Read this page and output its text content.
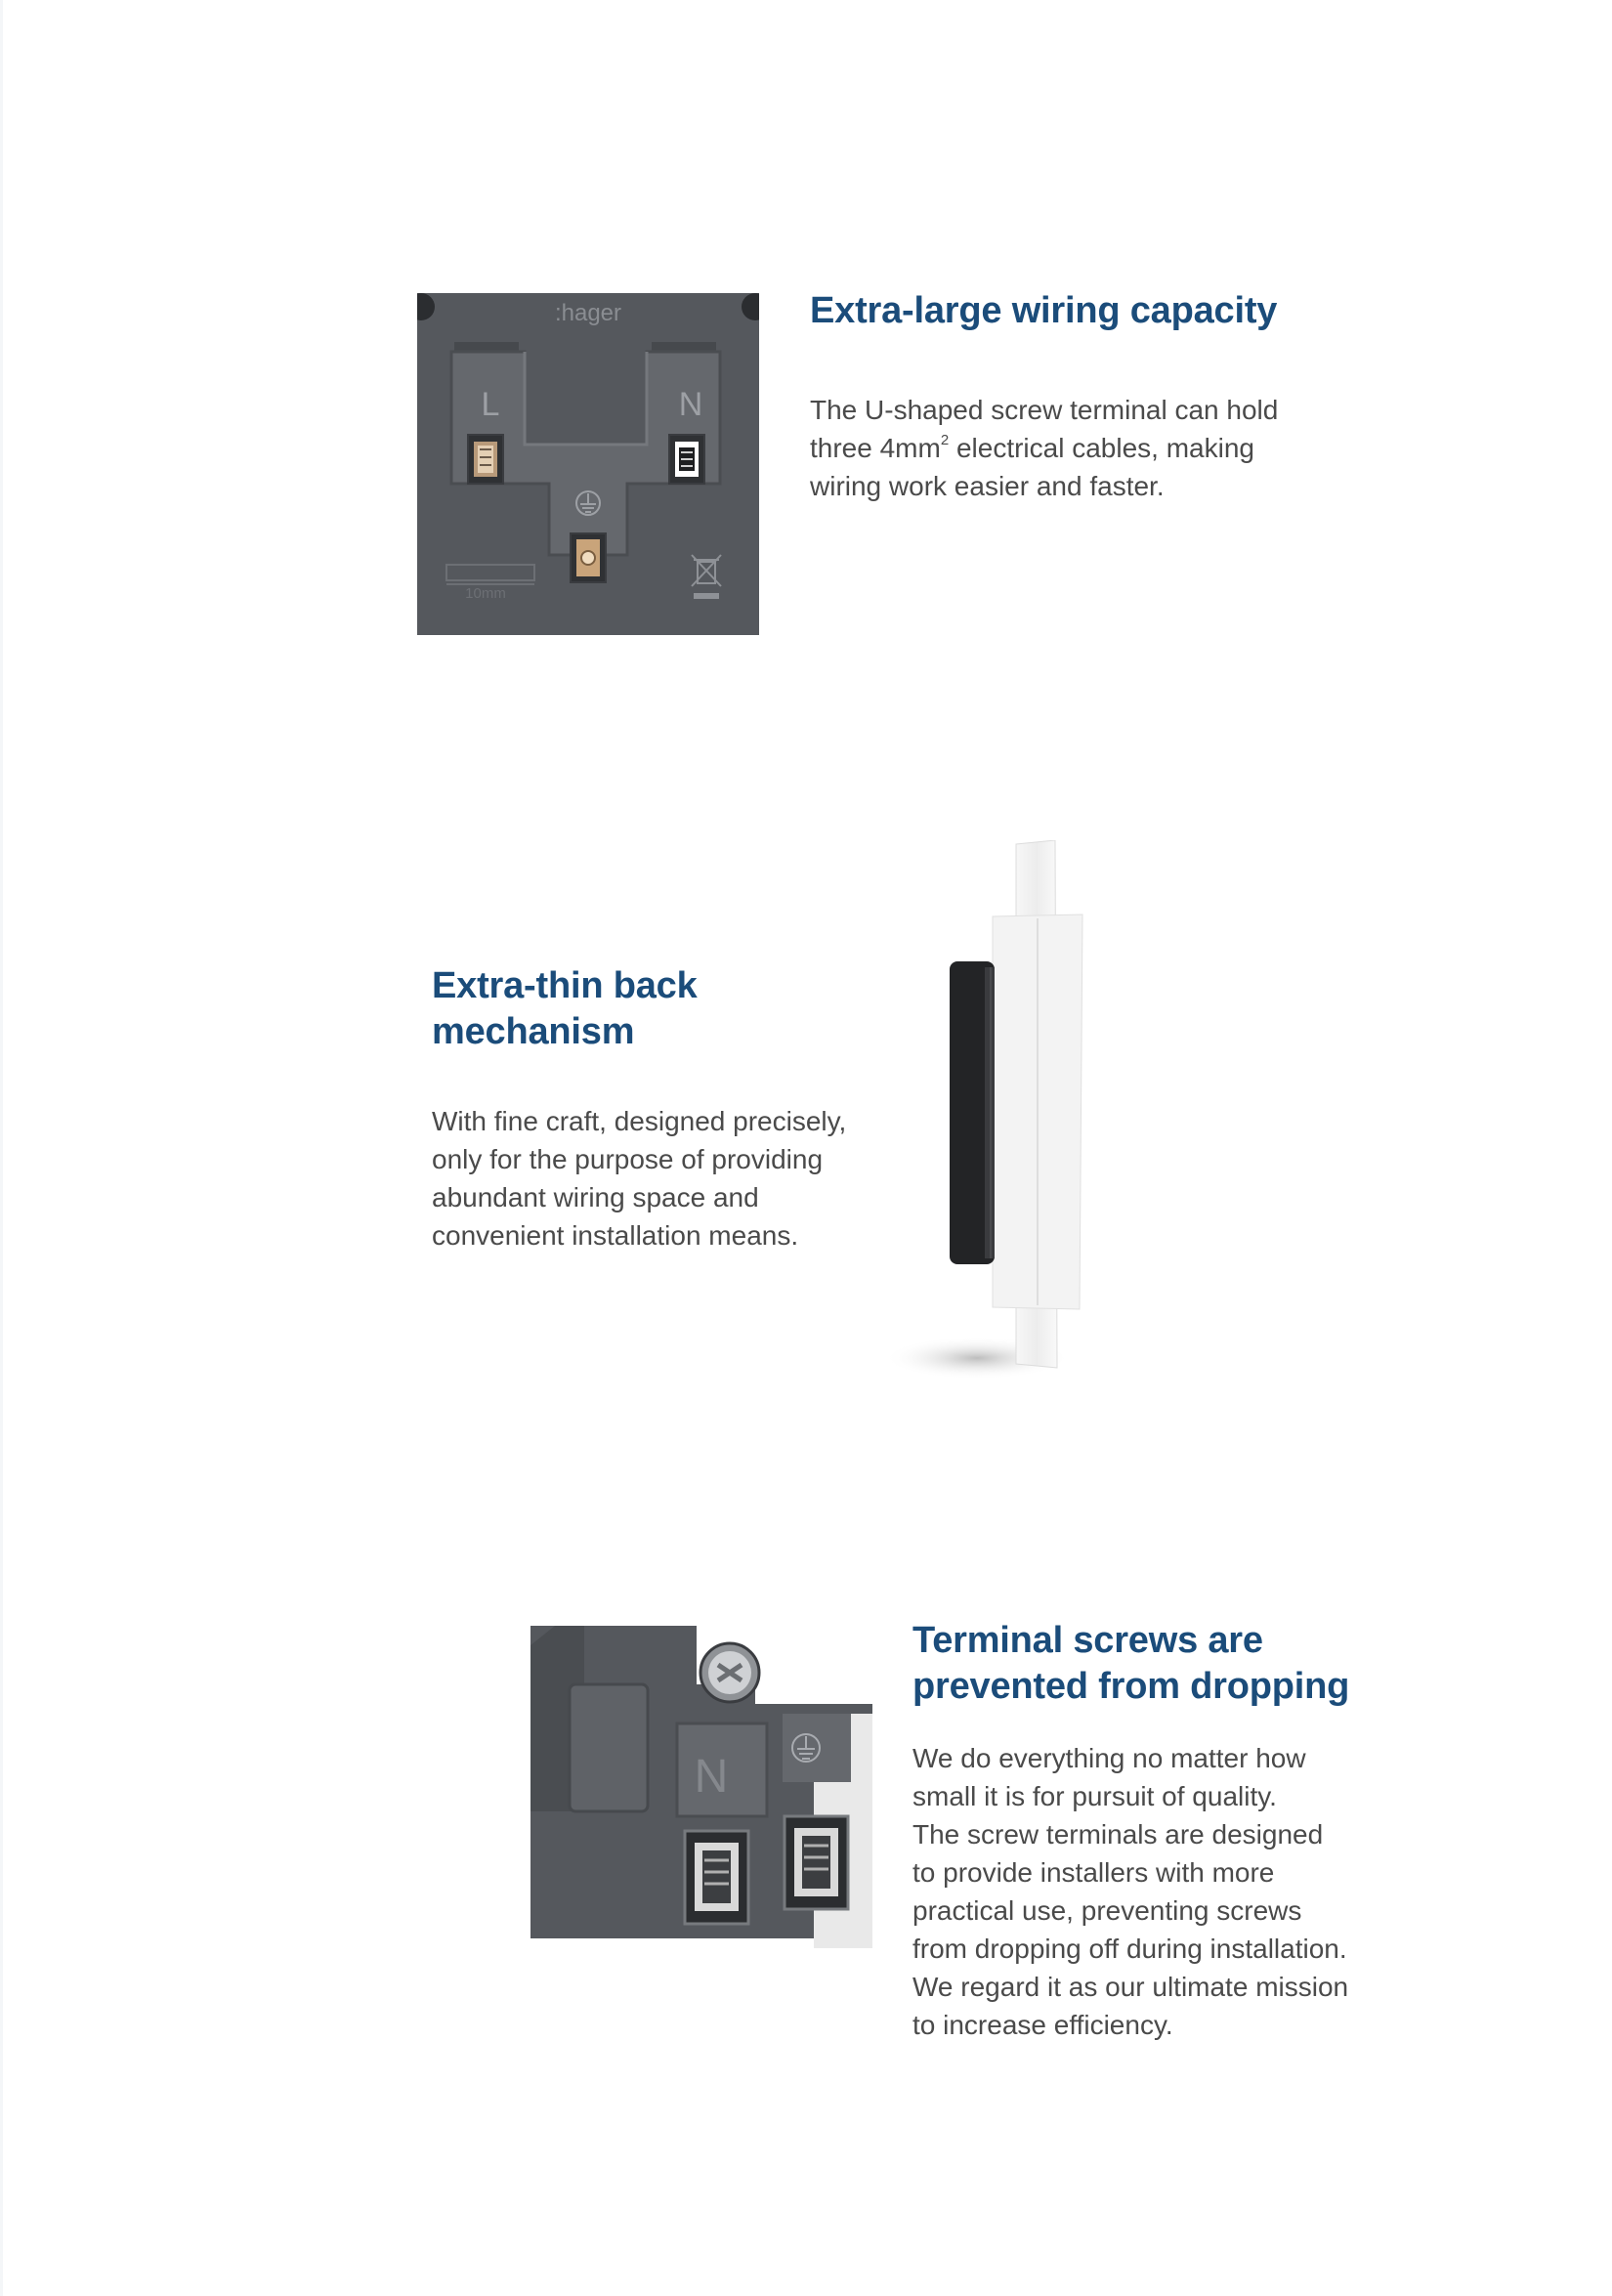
:hager
L	N
10mm
Extra-large wiring capacity

The U-shaped screw terminal can hold
three $4mm^2$ electrical cables, making
wiring work easier and faster.

Extra-thin back
mechanism

With fine craft, designed precisely,
only for the purpose of providing
abundant wiring space and
convenient installation means.

N
Terminal screws are
prevented from dropping

We do everything no matter how
small it is for pursuit of quality.
The screw terminals are designed
to provide installers with more
practical use, preventing screws
from dropping off during installation.
We regard it as our ultimate mission
to increase efficiency.
